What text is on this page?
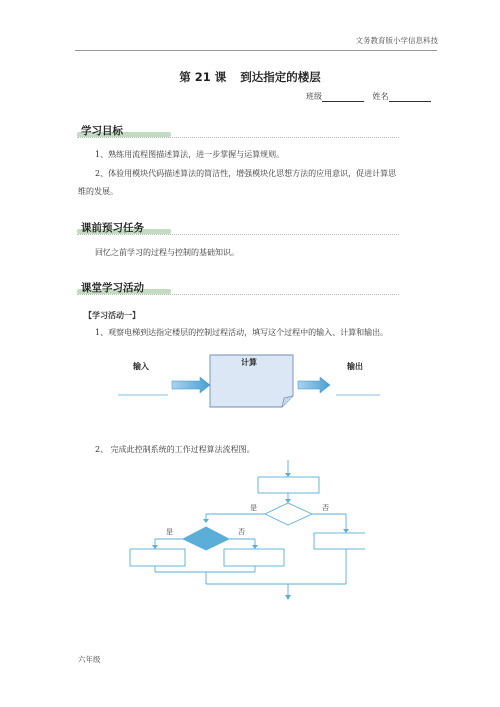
文务教育版小学信息科技
第 21 课 到达指定的楼层
班级	姓名
学习目标
1、熟练用流程图描述算法，进一步掌握与运算规则。
2、体验用模块代码描述算法的简洁性，增强模块化思想方法的应用意识，促进计算思
维的发展。
课前预习任务
回忆之前学习的过程与控制的基础知识。
课堂学习活动
【学习活动一】
1、观察电梯到达指定楼层的控制过程活动，填写这个过程中的输入、计算和输出。
输入	计算	输出
2、 完成此控制系统的工作过程算法流程图。
是	否
是	否
六年级
